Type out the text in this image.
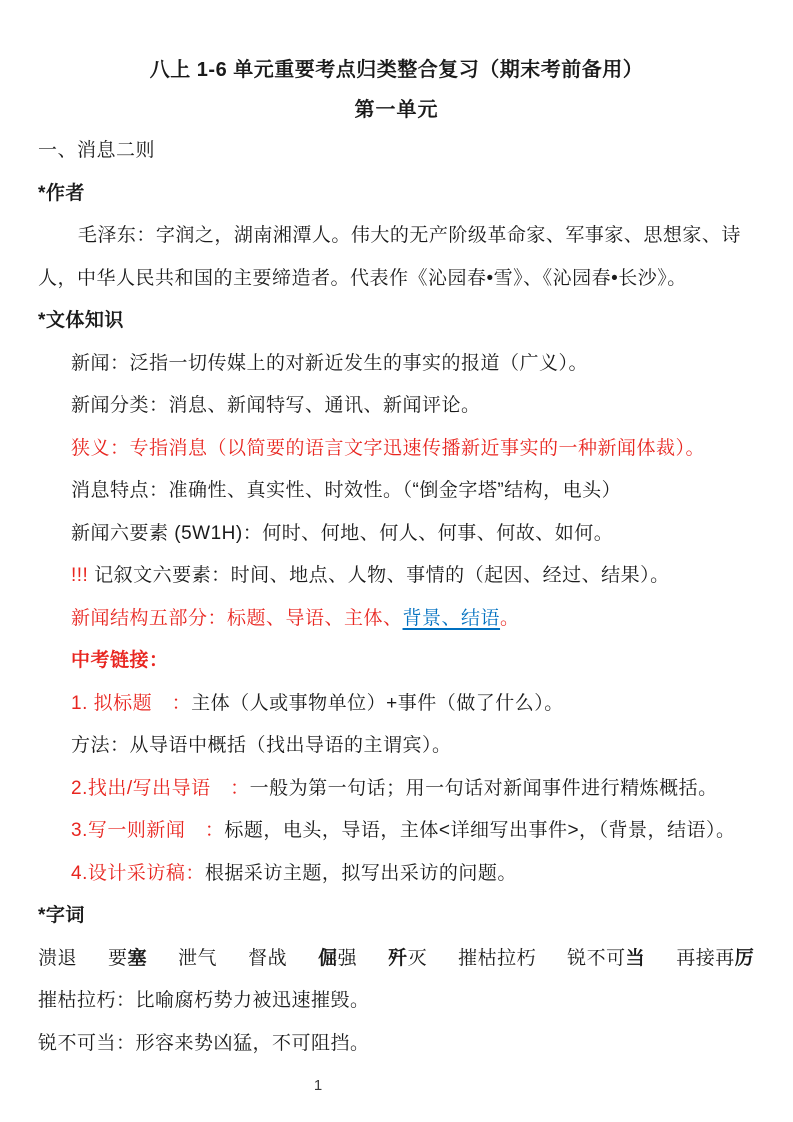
八上 1-6 单元重要考点归类整合复习（期末考前备用）
第一单元

一、消息二则

*作者

毛泽东：字润之，湖南湘潭人。伟大的无产阶级革命家、军事家、思想家、诗人，中华人民共和国的主要缔造者。代表作《沁园春•雪》、《沁园春•长沙》。

*文体知识

新闻：泛指一切传媒上的对新近发生的事实的报道（广义）。

新闻分类：消息、新闻特写、通讯、新闻评论。

狭义：专指消息（以简要的语言文字迅速传播新近事实的一种新闻体裁）。

消息特点：准确性、真实性、时效性。（“倒金字塔”结构，电头）

新闻六要素 (5W1H)：何时、何地、何人、何事、何故、如何。

!!! 记叙文六要素：时间、地点、人物、事情的（起因、经过、结果）。

新闻结构五部分：标题、导语、主体、背景、结语。

中考链接：

1. 拟标题　：主体（人或事物单位）+事件（做了什么）。

方法：从导语中概括（找出导语的主谓宾）。

2.找出/写出导语　：一般为第一句话；用一句话对新闻事件进行精炼概括。

3.写一则新闻　：标题，电头，导语，主体<详细写出事件>，（背景，结语）。

4.设计采访稿：根据采访主题，拟写出采访的问题。

*字词

溃退 要塞 泄气 督战 倔强 歼灭 摧枯拉朽 锐不可当 再接再厉

摧枯拉朽：比喻腐朽势力被迅速摧毁。

锐不可当：形容来势凶猛，不可阻挡。

1
